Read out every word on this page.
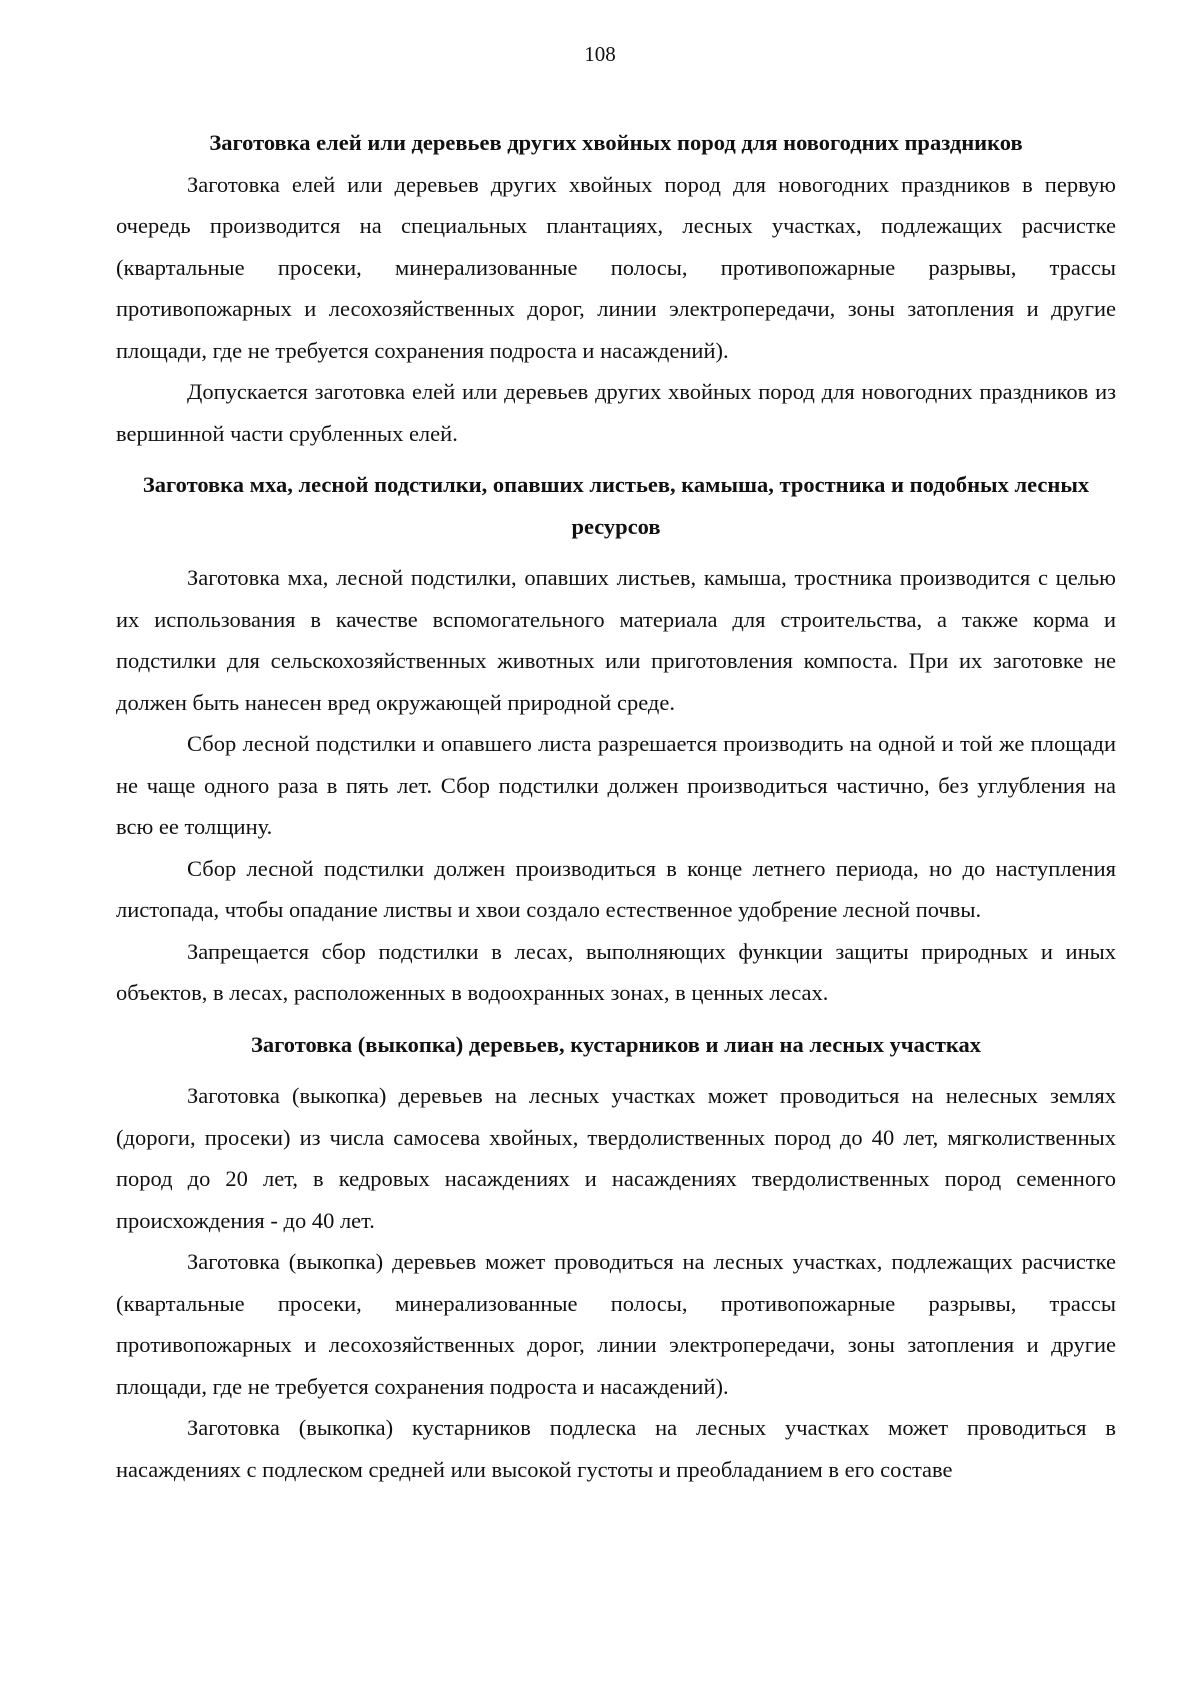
108

Заготовка елей или деревьев других хвойных пород для новогодних праздников

Заготовка елей или деревьев других хвойных пород для новогодних праздников в первую очередь производится на специальных плантациях, лесных участках, подлежащих расчистке (квартальные просеки, минерализованные полосы, противопожарные разрывы, трассы противопожарных и лесохозяйственных дорог, линии электропередачи, зоны затопления и другие площади, где не требуется сохранения подроста и насаждений).

Допускается заготовка елей или деревьев других хвойных пород для новогодних праздников из вершинной части срубленных елей.

Заготовка мха, лесной подстилки, опавших листьев, камыша, тростника и подобных лесных ресурсов

Заготовка мха, лесной подстилки, опавших листьев, камыша, тростника производится с целью их использования в качестве вспомогательного материала для строительства, а также корма и подстилки для сельскохозяйственных животных или приготовления компоста. При их заготовке не должен быть нанесен вред окружающей природной среде.

Сбор лесной подстилки и опавшего листа разрешается производить на одной и той же площади не чаще одного раза в пять лет. Сбор подстилки должен производиться частично, без углубления на всю ее толщину.

Сбор лесной подстилки должен производиться в конце летнего периода, но до наступления листопада, чтобы опадание листвы и хвои создало естественное удобрение лесной почвы.

Запрещается сбор подстилки в лесах, выполняющих функции защиты природных и иных объектов, в лесах, расположенных в водоохранных зонах, в ценных лесах.

Заготовка (выкопка) деревьев, кустарников и лиан на лесных участках

Заготовка (выкопка) деревьев на лесных участках может проводиться на нелесных землях (дороги, просеки) из числа самосева хвойных, твердолиственных пород до 40 лет, мягколиственных пород до 20 лет, в кедровых насаждениях и насаждениях твердолиственных пород семенного происхождения - до 40 лет.

Заготовка (выкопка) деревьев может проводиться на лесных участках, подлежащих расчистке (квартальные просеки, минерализованные полосы, противопожарные разрывы, трассы противопожарных и лесохозяйственных дорог, линии электропередачи, зоны затопления и другие площади, где не требуется сохранения подроста и насаждений).

Заготовка (выкопка) кустарников подлеска на лесных участках может проводиться в насаждениях с подлеском средней или высокой густоты и преобладанием в его составе
